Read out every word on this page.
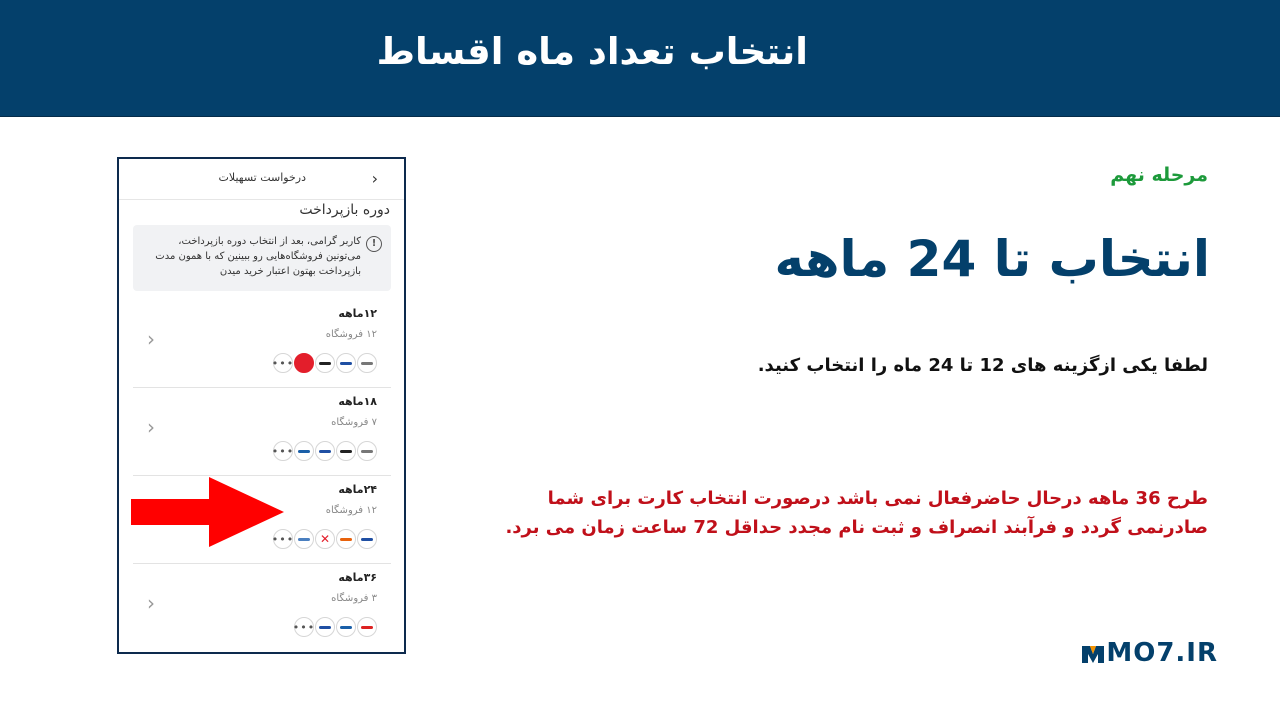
انتخاب تعداد ماه اقساط
مرحله نهم
انتخاب تا 24 ماهه
لطفا یکی ازگزینه های 12 تا 24 ماه را انتخاب کنید.
طرح 36 ماهه درحال حاضرفعال نمی باشد درصورت انتخاب کارت برای شما صادرنمی گردد و فرآبند انصراف و ثبت نام مجدد حداقل 72 ساعت زمان می برد.
MO7.IR
‹
درخواست تسهیلات
دوره بازپرداخت
!
کاربر گرامی، بعد از انتخاب دوره بازپرداخت، می‌تونین فروشگاه‌هایی رو ببینین که با همون مدت بازپرداخت بهتون اعتبار خرید میدن
۱۲ماهه
۱۲ فروشگاه
‹
•••
۱۸ماهه
۷ فروشگاه
‹
•••
۲۴ماهه
۱۲ فروشگاه
✕
•••
۳۶ماهه
۳ فروشگاه
‹
•••
